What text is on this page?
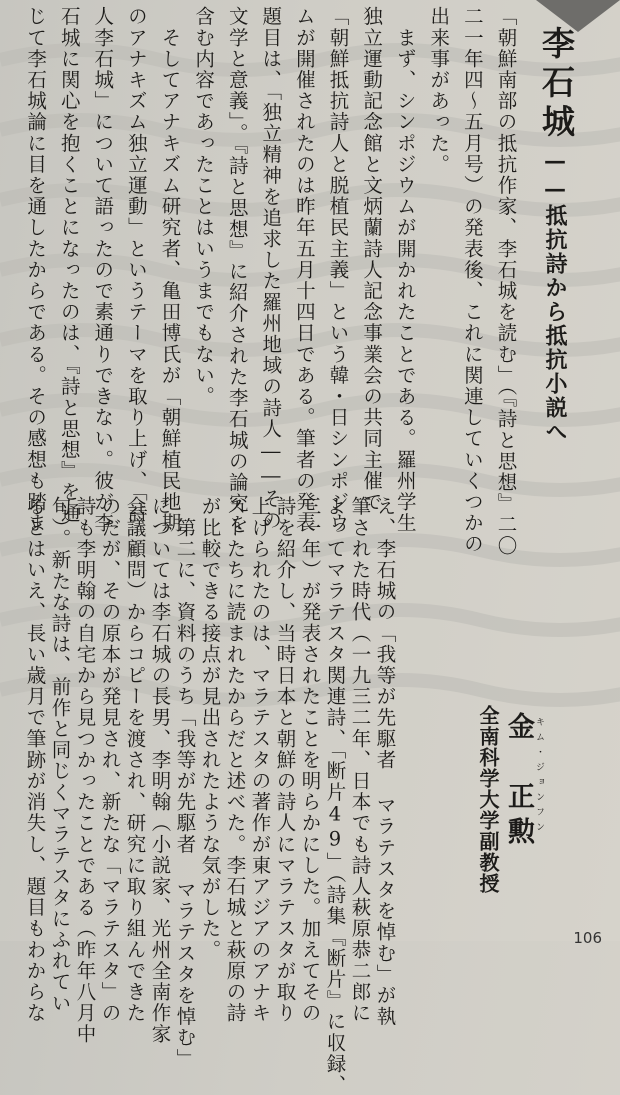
李石城
——抵抗詩から抵抗小説へ
全南科学大学副教授	キム・ジョンフン
金　正勲
「朝鮮南部の抵抗作家、李石城を読む」（『詩と思想』二〇
二一年四〜五月号）の発表後、これに関連していくつかの
出来事があった。
　まず、シンポジウムが開かれたことである。羅州学生
独立運動記念館と文炳蘭詩人記念事業会の共同主催で
「朝鮮抵抗詩人と脱植民主義」という韓・日シンポジウ
ムが開催されたのは昨年五月十四日である。筆者の発表
題目は、「独立精神を追求した羅州地域の詩人――その
文学と意義」。『詩と思想』に紹介された李石城の論究を
含む内容であったことはいうまでもない。
　そしてアナキズム研究者、亀田博氏が「朝鮮植民地期
のアナキズム独立運動」というテーマを取り上げ、「詩
人李石城」について語ったので素通りできない。彼が李
石城に関心を抱くことになったのは、『詩と思想』を通
じて李石城論に目を通したからである。その感想も踏ま
え、李石城の「我等が先駆者 マラテスタを悼む」が執
筆された時代（一九三二年、日本でも詩人萩原恭二郎に
よってマラテスタ関連詩、「断片49」（詩集『断片』に収録、
三一年）が発表されたことを明らかにした。加えてその
詩を紹介し、当時日本と朝鮮の詩人にマラテスタが取り
上げられたのは、マラテスタの著作が東アジアのアナキ
ストたちに読まれたからだと述べた。李石城と萩原の詩
が比較できる接点が見出されたような気がした。
　第二に、資料のうち「我等が先駆者 マラテスタを悼む」
については李石城の長男、李明翰（小説家、光州全南作家
会議顧問）からコピーを渡され、研究に取り組んできた
のだが、その原本が発見され、新たな「マラテスタ」の
詩も李明翰の自宅から見つかったことである（昨年八月中
旬）。新たな詩は、前作と同じくマラテスタにふれてい
るとはいえ、長い歳月で筆跡が消失し、題目もわからな	106
